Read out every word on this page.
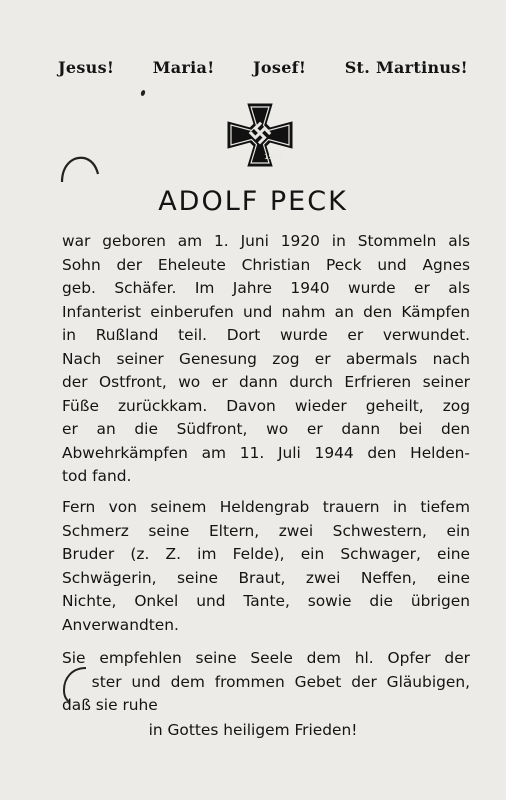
Jesus! Maria! Josef! St. Martinus!
1939
ADOLF PECK
war geboren am 1. Juni 1920 in Stommeln als
Sohn der Eheleute Christian Peck und Agnes
geb. Schäfer. Im Jahre 1940 wurde er als
Infanterist einberufen und nahm an den Kämpfen
in Rußland teil. Dort wurde er verwundet.
Nach seiner Genesung zog er abermals nach
der Ostfront, wo er dann durch Erfrieren seiner
Füße zurückkam. Davon wieder geheilt, zog
er an die Südfront, wo er dann bei den
Abwehrkämpfen am 11. Juli 1944 den Helden-
tod fand.
Fern von seinem Heldengrab trauern in tiefem
Schmerz seine Eltern, zwei Schwestern, ein
Bruder (z. Z. im Felde), ein Schwager, eine
Schwägerin, seine Braut, zwei Neffen, eine
Nichte, Onkel und Tante, sowie die übrigen
Anverwandten.
Sie empfehlen seine Seele dem hl. Opfer der
ster und dem frommen Gebet der Gläubigen,
daß sie ruhe
in Gottes heiligem Frieden!
